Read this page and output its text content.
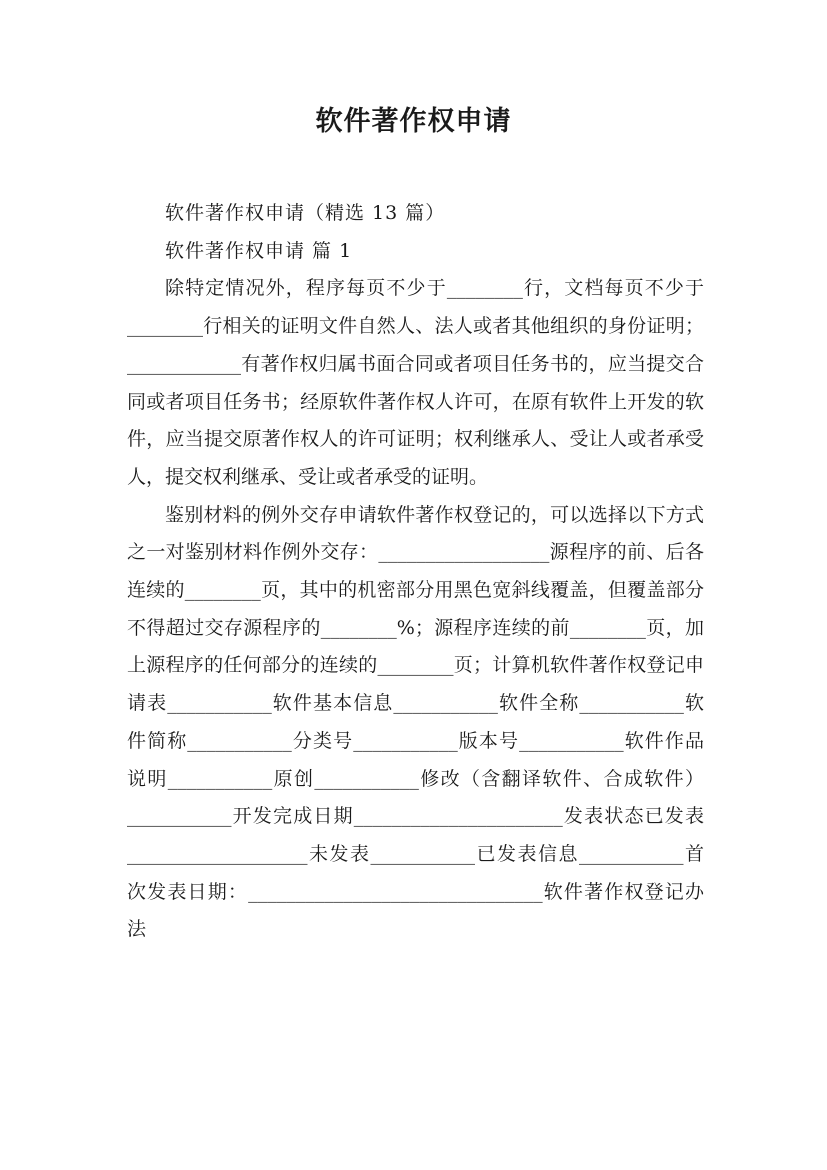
软件著作权申请

软件著作权申请（精选 13 篇）

软件著作权申请 篇 1

除特定情况外，程序每页不少于________行，文档每页不少于________行相关的证明文件自然人、法人或者其他组织的身份证明；____________有著作权归属书面合同或者项目任务书的，应当提交合同或者项目任务书；经原软件著作权人许可，在原有软件上开发的软件，应当提交原著作权人的许可证明；权利继承人、受让人或者承受人，提交权利继承、受让或者承受的证明。

鉴别材料的例外交存申请软件著作权登记的，可以选择以下方式之一对鉴别材料作例外交存：__________________源程序的前、后各连续的________页，其中的机密部分用黑色宽斜线覆盖，但覆盖部分不得超过交存源程序的________%；源程序连续的前________页，加上源程序的任何部分的连续的________页；计算机软件著作权登记申请表___________软件基本信息___________软件全称___________软件简称___________分类号___________版本号___________软件作品说明___________原创___________修改（含翻译软件、合成软件）___________开发完成日期______________________发表状态已发表___________________未发表___________已发表信息___________首次发表日期：_______________________________软件著作权登记办法
